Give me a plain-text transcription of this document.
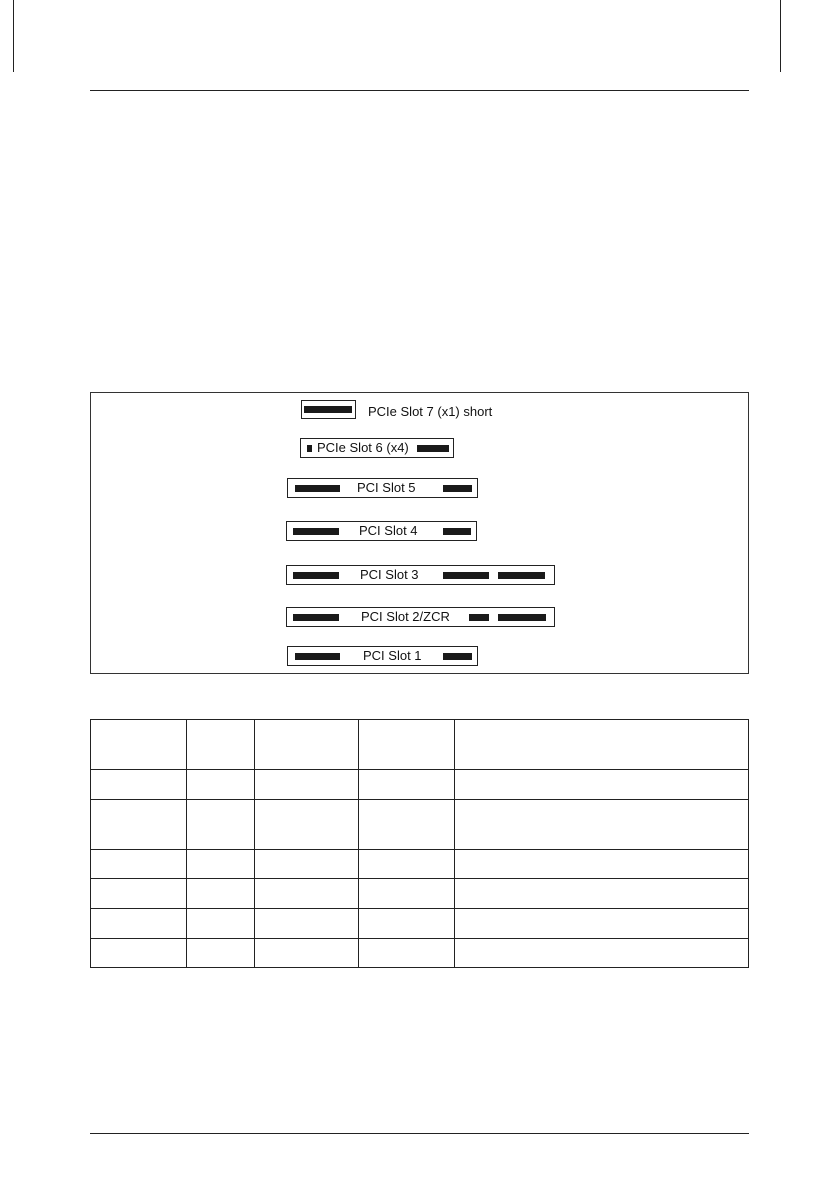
PCIe Slot 7 (x1) short
PCIe Slot 6 (x4)
PCI Slot 5
PCI Slot 4
PCI Slot 3
PCI Slot 2/ZCR
PCI Slot 1
